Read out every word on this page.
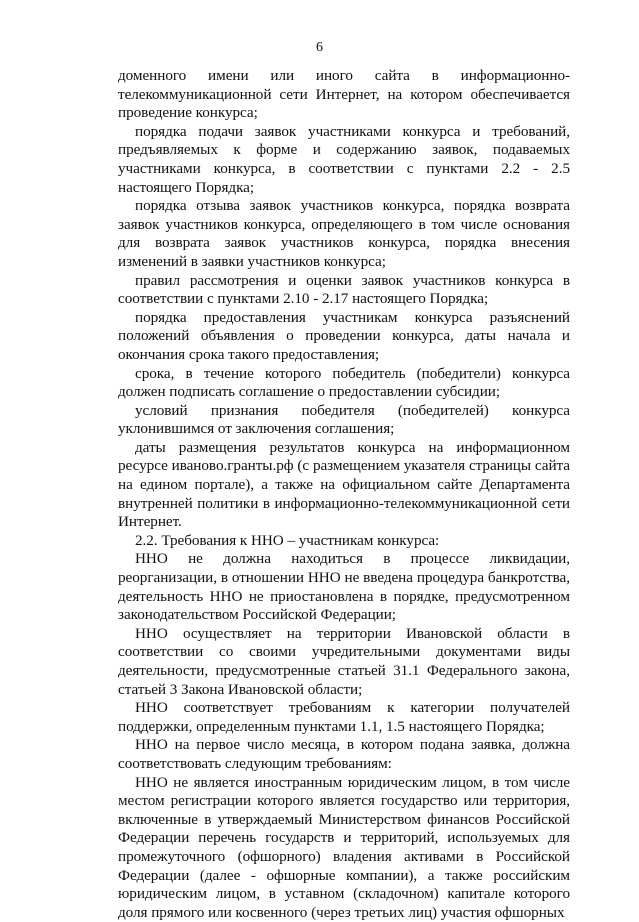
6

доменного имени или иного сайта в информационно-телекоммуникационной сети Интернет, на котором обеспечивается проведение конкурса;

порядка подачи заявок участниками конкурса и требований, предъявляемых к форме и содержанию заявок, подаваемых участниками конкурса, в соответствии с пунктами 2.2 - 2.5 настоящего Порядка;

порядка отзыва заявок участников конкурса, порядка возврата заявок участников конкурса, определяющего в том числе основания для возврата заявок участников конкурса, порядка внесения изменений в заявки участников конкурса;

правил рассмотрения и оценки заявок участников конкурса в соответствии с пунктами 2.10 - 2.17 настоящего Порядка;

порядка предоставления участникам конкурса разъяснений положений объявления о проведении конкурса, даты начала и окончания срока такого предоставления;

срока, в течение которого победитель (победители) конкурса должен подписать соглашение о предоставлении субсидии;

условий признания победителя (победителей) конкурса уклонившимся от заключения соглашения;

даты размещения результатов конкурса на информационном ресурсе иваново.гранты.рф (с размещением указателя страницы сайта на едином портале), а также на официальном сайте Департамента внутренней политики в информационно-телекоммуникационной сети Интернет.

2.2. Требования к ННО – участникам конкурса:

ННО не должна находиться в процессе ликвидации, реорганизации, в отношении ННО не введена процедура банкротства, деятельность ННО не приостановлена в порядке, предусмотренном законодательством Российской Федерации;

ННО осуществляет на территории Ивановской области в соответствии со своими учредительными документами виды деятельности, предусмотренные статьей 31.1 Федерального закона, статьей 3 Закона Ивановской области;

ННО соответствует требованиям к категории получателей поддержки, определенным пунктами 1.1, 1.5 настоящего Порядка;

ННО на первое число месяца, в котором подана заявка, должна соответствовать следующим требованиям:

ННО не является иностранным юридическим лицом, в том числе местом регистрации которого является государство или территория, включенные в утверждаемый Министерством финансов Российской Федерации перечень государств и территорий, используемых для промежуточного (офшорного) владения активами в Российской Федерации (далее - офшорные компании), а также российским юридическим лицом, в уставном (складочном) капитале которого доля прямого или косвенного (через третьих лиц) участия офшорных
